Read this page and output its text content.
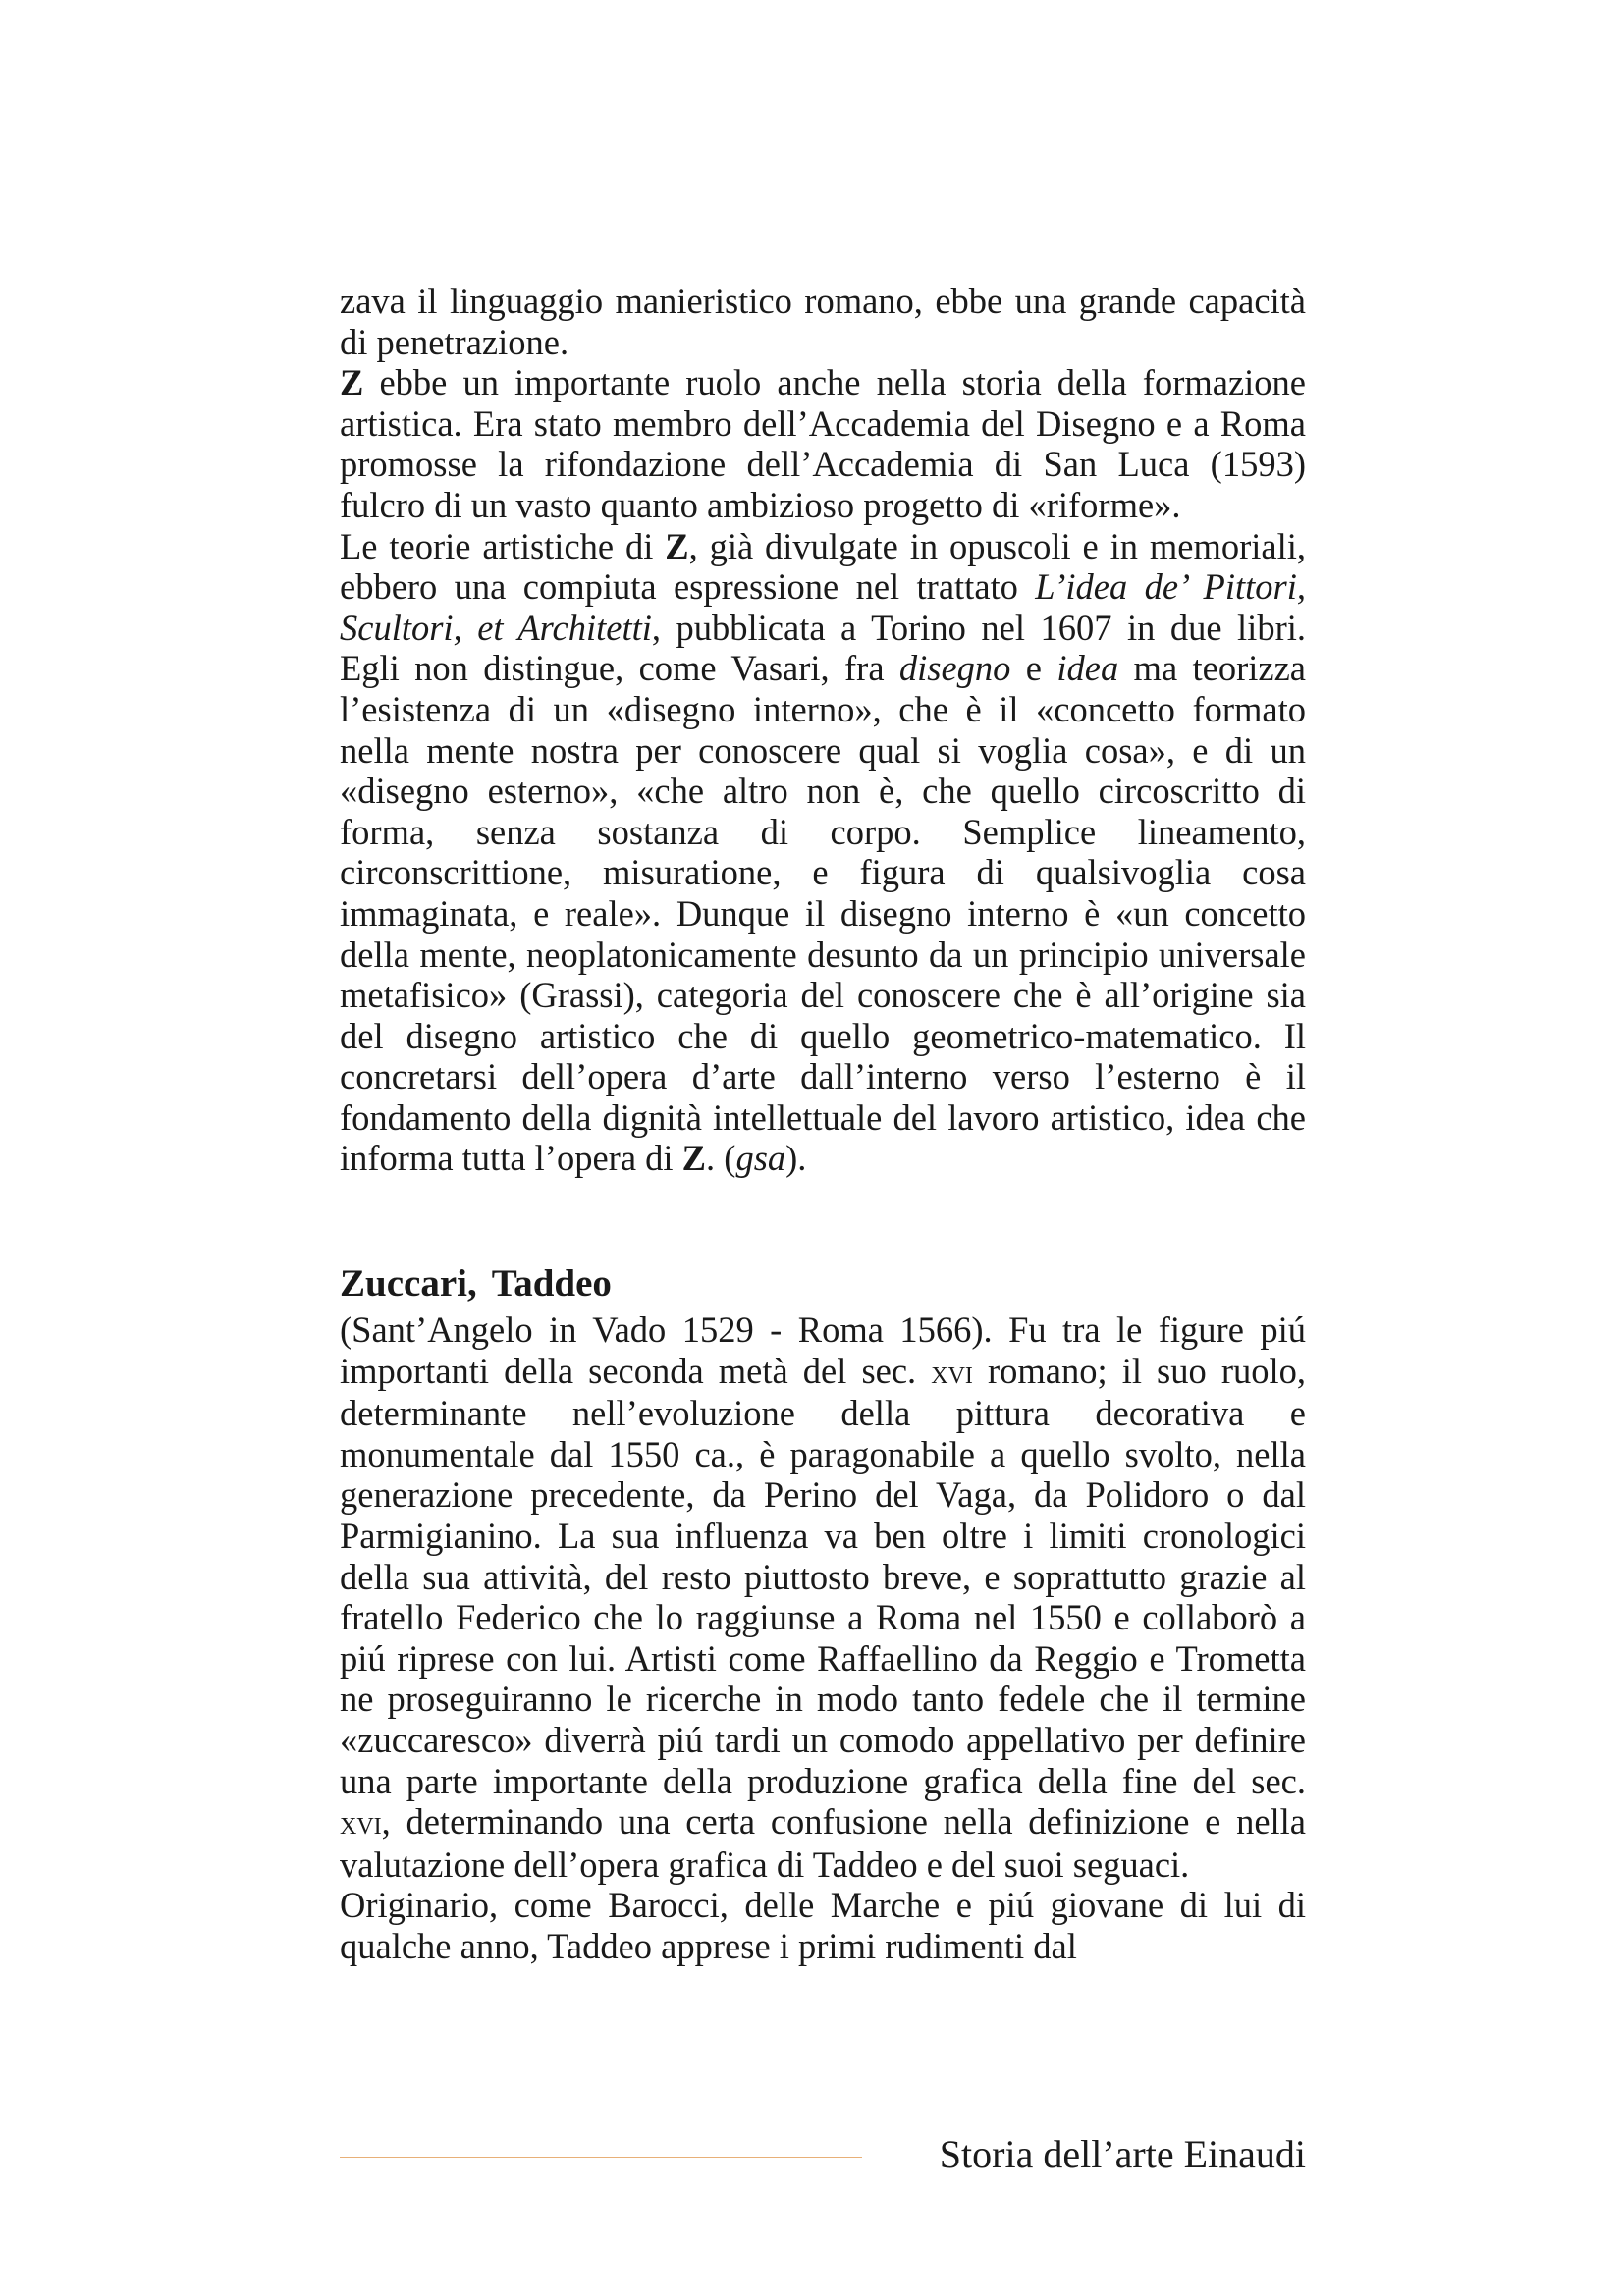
zava il linguaggio manieristico romano, ebbe una grande capacità di penetrazione.

Z ebbe un importante ruolo anche nella storia della formazione artistica. Era stato membro dell’Accademia del Disegno e a Roma promosse la rifondazione dell’Accademia di San Luca (1593) fulcro di un vasto quanto ambizioso progetto di «riforme».

Le teorie artistiche di Z, già divulgate in opuscoli e in memoriali, ebbero una compiuta espressione nel trattato L’idea de’ Pittori, Scultori, et Architetti, pubblicata a Torino nel 1607 in due libri. Egli non distingue, come Vasari, fra disegno e idea ma teorizza l’esistenza di un «disegno interno», che è il «concetto formato nella mente nostra per conoscere qual si voglia cosa», e di un «disegno esterno», «che altro non è, che quello circoscritto di forma, senza sostanza di corpo. Semplice lineamento, circonscrittione, misuratione, e figura di qualsivoglia cosa immaginata, e reale». Dunque il disegno interno è «un concetto della mente, neoplatonicamente desunto da un principio universale metafisico» (Grassi), categoria del conoscere che è all’origine sia del disegno artistico che di quello geometrico-matematico. Il concretarsi dell’opera d’arte dall’interno verso l’esterno è il fondamento della dignità intellettuale del lavoro artistico, idea che informa tutta l’opera di Z. (gsa).

Zuccari, Taddeo

(Sant’Angelo in Vado 1529 - Roma 1566). Fu tra le figure piú importanti della seconda metà del sec. xvi romano; il suo ruolo, determinante nell’evoluzione della pittura decorativa e monumentale dal 1550 ca., è paragonabile a quello svolto, nella generazione precedente, da Perino del Vaga, da Polidoro o dal Parmigianino. La sua influenza va ben oltre i limiti cronologici della sua attività, del resto piuttosto breve, e soprattutto grazie al fratello Federico che lo raggiunse a Roma nel 1550 e collaborò a piú riprese con lui. Artisti come Raffaellino da Reggio e Trometta ne proseguiranno le ricerche in modo tanto fedele che il termine «zuccaresco» diverrà piú tardi un comodo appellativo per definire una parte importante della produzione grafica della fine del sec. xvi, determinando una certa confusione nella definizione e nella valutazione dell’opera grafica di Taddeo e del suoi seguaci.

Originario, come Barocci, delle Marche e piú giovane di lui di qualche anno, Taddeo apprese i primi rudimenti dal

Storia dell’arte Einaudi
